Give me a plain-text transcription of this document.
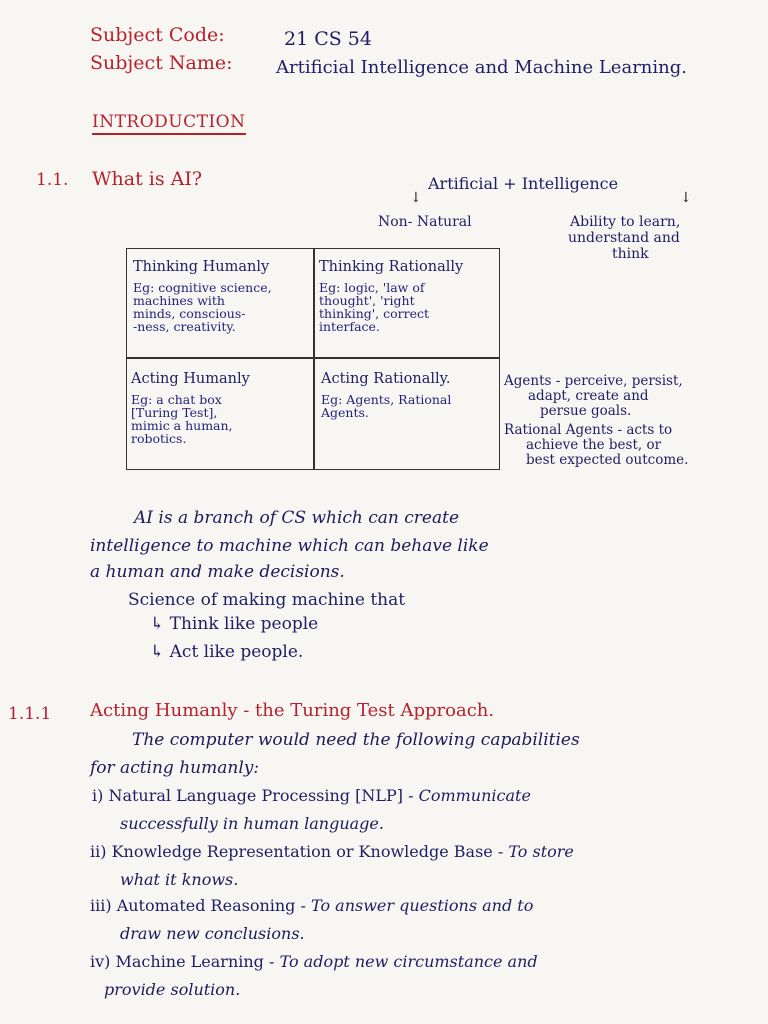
Subject Code:	21 CS 54
Subject Name: Artificial Intelligence and Machine Learning.
INTRODUCTION
1.1. What is AI?	Artificial + Intelligence
↓	↓
Non- Natural	Ability to learn,
understand and
think
Thinking Humanly
Eg: cognitive science,
machines with
minds, conscious-
-ness, creativity.
Thinking Rationally
Eg: logic, 'law of
thought', 'right
thinking', correct
interface.
Acting Humanly
Eg: a chat box
[Turing Test],
mimic a human,
robotics.
Acting Rationally.
Eg: Agents, Rational
Agents.
Agents - perceive, persist,
adapt, create and
persue goals.
Rational Agents - acts to
achieve the best, or
best expected outcome.
AI is a branch of CS which can create
intelligence to machine which can behave like
a human and make decisions.
Science of making machine that
↳ Think like people
↳ Act like people.
1.1.1 Acting Humanly - the Turing Test Approach.
The computer would need the following capabilities
for acting humanly:
i) Natural Language Processing [NLP] - Communicate
successfully in human language.
ii) Knowledge Representation or Knowledge Base - To store
what it knows.
iii) Automated Reasoning - To answer questions and to
draw new conclusions.
iv) Machine Learning - To adopt new circumstance and
provide solution.
